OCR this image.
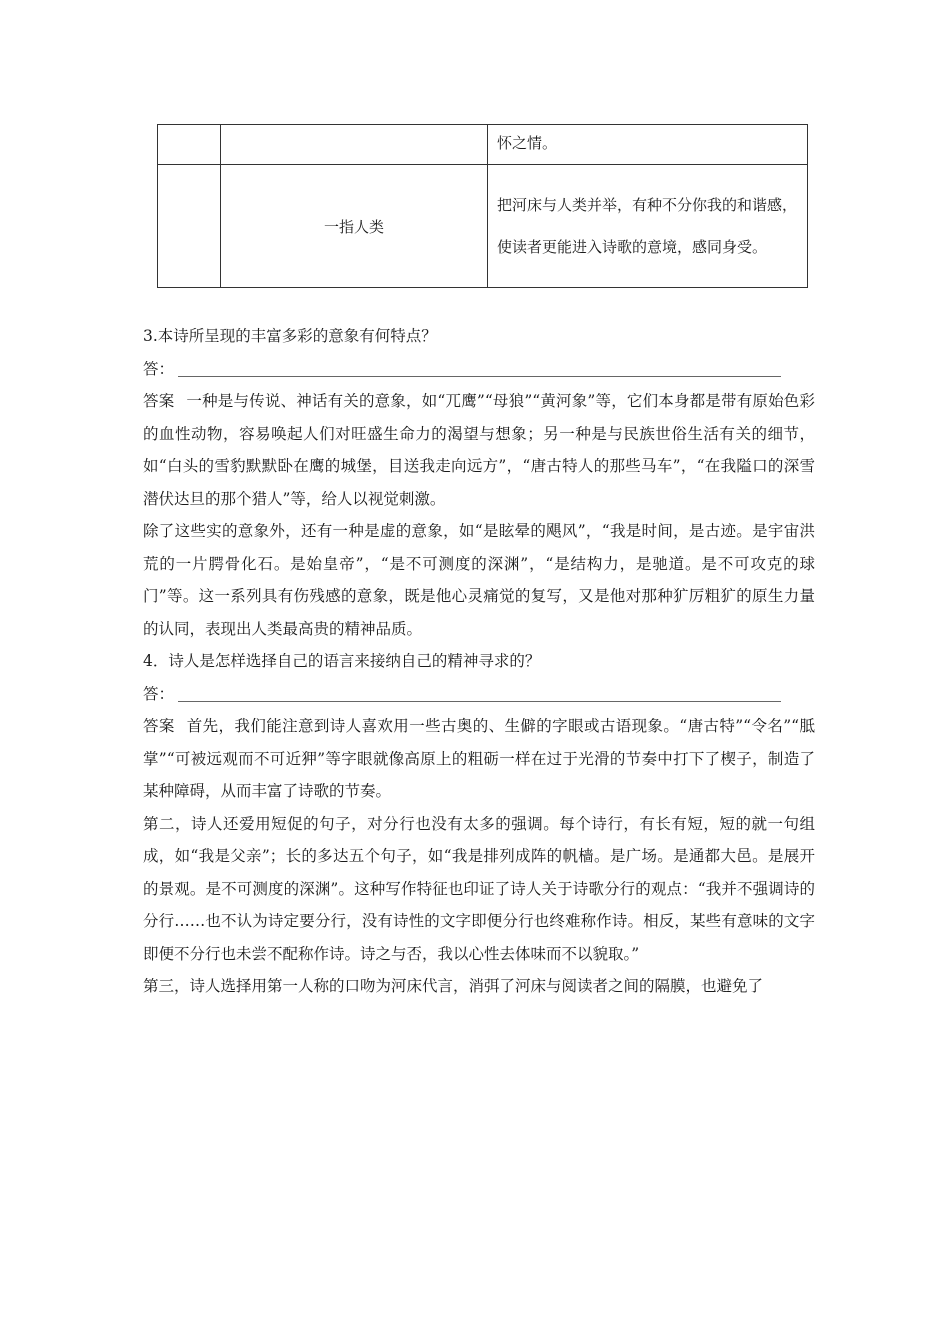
		怀之情。
	一指人类	把河床与人类并举，有种不分你我的和谐感，使读者更能进入诗歌的意境，感同身受。

3.本诗所呈现的丰富多彩的意象有何特点？

答：

答案 一种是与传说、神话有关的意象，如“兀鹰”“母狼”“黄河象”等，它们本身都是带有原始色彩的血性动物，容易唤起人们对旺盛生命力的渴望与想象；另一种是与民族世俗生活有关的细节，如“白头的雪豹默默卧在鹰的城堡，目送我走向远方”，“唐古特人的那些马车”，“在我隘口的深雪潜伏达旦的那个猎人”等，给人以视觉刺激。

除了这些实的意象外，还有一种是虚的意象，如“是眩晕的飓风”，“我是时间，是古迹。是宇宙洪荒的一片腭骨化石。是始皇帝”，“是不可测度的深渊”，“是结构力，是驰道。是不可攻克的球门”等。这一系列具有伤残感的意象，既是他心灵痛觉的复写，又是他对那种犷厉粗犷的原生力量的认同，表现出人类最高贵的精神品质。

4．诗人是怎样选择自己的语言来接纳自己的精神寻求的？

答：

答案 首先，我们能注意到诗人喜欢用一些古奥的、生僻的字眼或古语现象。“唐古特”“令名”“胝掌”“可被远观而不可近狎”等字眼就像高原上的粗砺一样在过于光滑的节奏中打下了楔子，制造了某种障碍，从而丰富了诗歌的节奏。

第二，诗人还爱用短促的句子，对分行也没有太多的强调。每个诗行，有长有短，短的就一句组成，如“我是父亲”；长的多达五个句子，如“我是排列成阵的帆樯。是广场。是通都大邑。是展开的景观。是不可测度的深渊”。这种写作特征也印证了诗人关于诗歌分行的观点：“我并不强调诗的分行……也不认为诗定要分行，没有诗性的文字即便分行也终难称作诗。相反，某些有意味的文字即便不分行也未尝不配称作诗。诗之与否，我以心性去体味而不以貌取。”

第三，诗人选择用第一人称的口吻为河床代言，消弭了河床与阅读者之间的隔膜，也避免了
